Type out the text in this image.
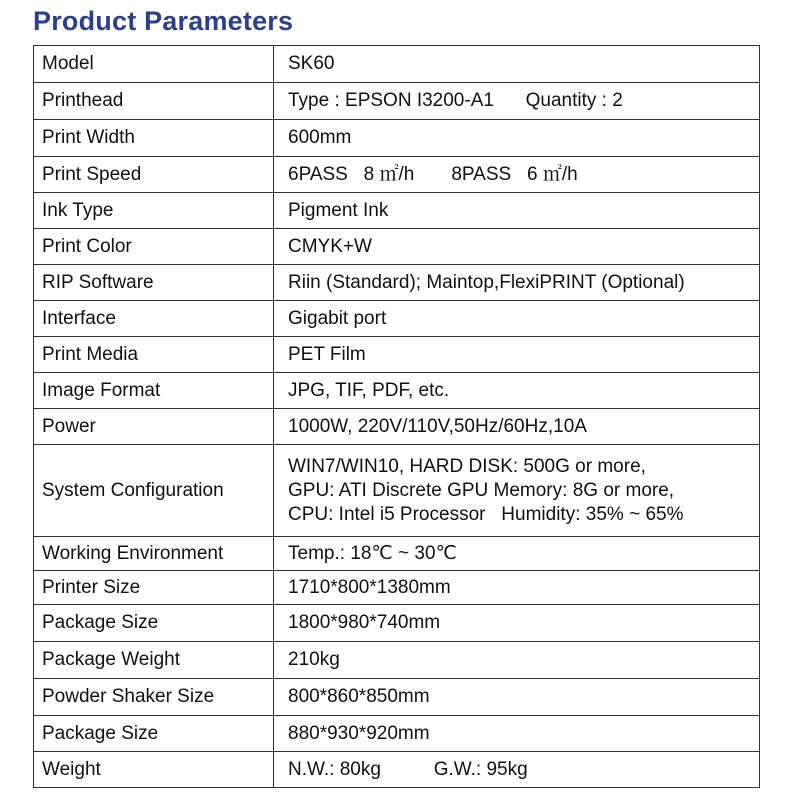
Product Parameters
Model	SK60
Printhead	Type : EPSON I3200-A1      Quantity : 2
Print Width	600mm
Print Speed	6PASS   8 ㎡/h       8PASS   6 ㎡/h
Ink Type	Pigment Ink
Print Color	CMYK+W
RIP Software	Riin (Standard); Maintop,FlexiPRINT (Optional)
Interface	Gigabit port
Print Media	PET Film
Image Format	JPG, TIF, PDF, etc.
Power	1000W, 220V/110V,50Hz/60Hz,10A
System Configuration	WIN7/WIN10, HARD DISK: 500G or more,
GPU: ATI Discrete GPU Memory: 8G or more,
CPU: Intel i5 Processor   Humidity: 35% ~ 65%

Working Environment	Temp.: 18℃ ~ 30℃
Printer Size	1710*800*1380mm
Package Size	1800*980*740mm
Package Weight	210kg
Powder Shaker Size	800*860*850mm
Package Size	880*930*920mm
Weight	N.W.: 80kg          G.W.: 95kg
